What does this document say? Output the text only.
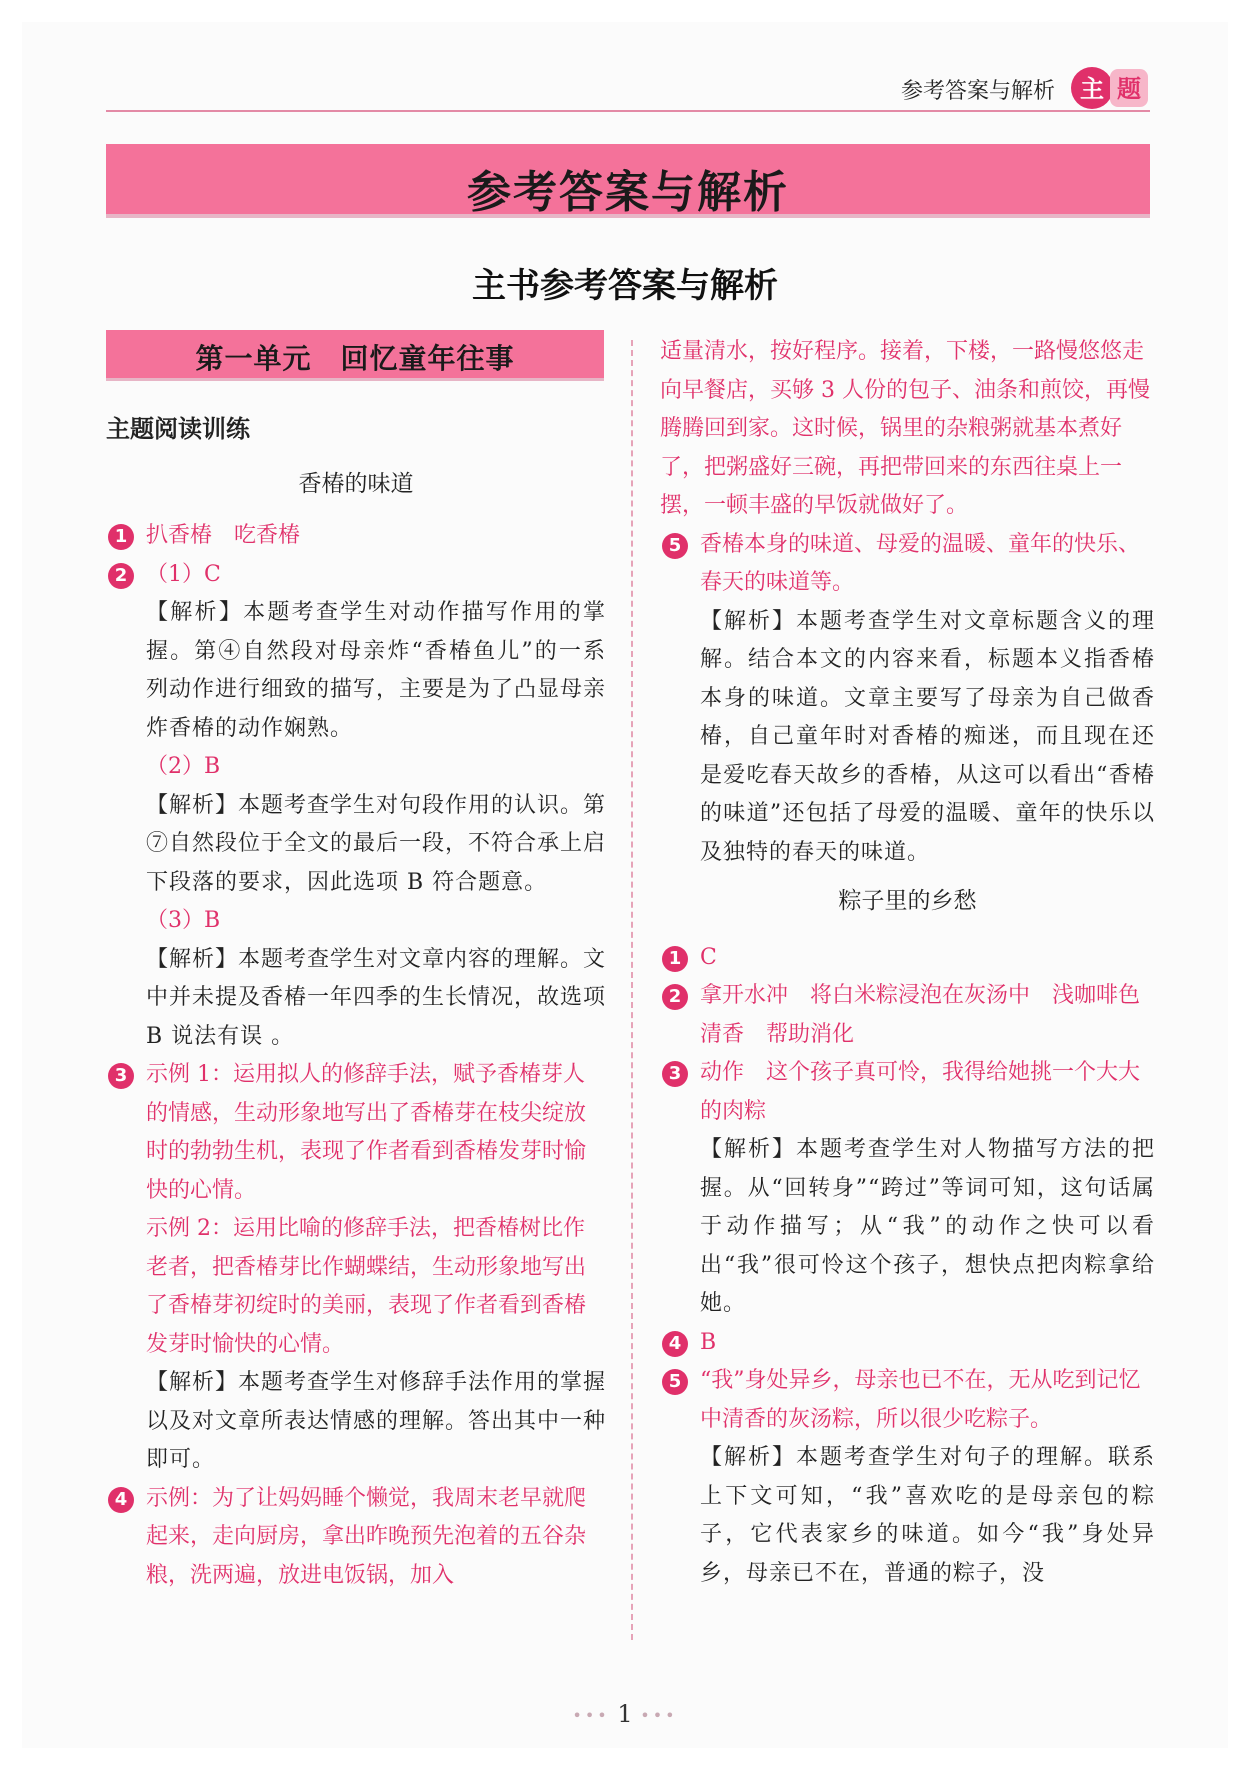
参考答案与解析 主 题
参考答案与解析
主书参考答案与解析
第一单元　回忆童年往事
主题阅读训练
香椿的味道
1 扒香椿　吃香椿
2 （1）C
【解析】本题考查学生对动作描写作用的掌握。第④自然段对母亲炸“香椿鱼儿”的一系列动作进行细致的描写，主要是为了凸显母亲炸香椿的动作娴熟。
（2）B
【解析】本题考查学生对句段作用的认识。第⑦自然段位于全文的最后一段，不符合承上启下段落的要求，因此选项 B 符合题意。
（3）B
【解析】本题考查学生对文章内容的理解。文中并未提及香椿一年四季的生长情况，故选项 B 说法有误 。
3 示例 1：运用拟人的修辞手法，赋予香椿芽人的情感，生动形象地写出了香椿芽在枝尖绽放时的勃勃生机，表现了作者看到香椿发芽时愉快的心情。
示例 2：运用比喻的修辞手法，把香椿树比作老者，把香椿芽比作蝴蝶结，生动形象地写出了香椿芽初绽时的美丽，表现了作者看到香椿发芽时愉快的心情。
【解析】本题考查学生对修辞手法作用的掌握以及对文章所表达情感的理解。答出其中一种即可。
4 示例：为了让妈妈睡个懒觉，我周末老早就爬起来，走向厨房，拿出昨晚预先泡着的五谷杂粮，洗两遍，放进电饭锅，加入
适量清水，按好程序。接着，下楼，一路慢悠悠走向早餐店，买够 3 人份的包子、油条和煎饺，再慢腾腾回到家。这时候，锅里的杂粮粥就基本煮好了，把粥盛好三碗，再把带回来的东西往桌上一摆，一顿丰盛的早饭就做好了。
5 香椿本身的味道、母爱的温暖、童年的快乐、春天的味道等。
【解析】本题考查学生对文章标题含义的理解。结合本文的内容来看，标题本义指香椿本身的味道。文章主要写了母亲为自己做香椿，自己童年时对香椿的痴迷，而且现在还是爱吃春天故乡的香椿，从这可以看出“香椿的味道”还包括了母爱的温暖、童年的快乐以及独特的春天的味道。
粽子里的乡愁
1 C
2 拿开水冲　将白米粽浸泡在灰汤中　浅咖啡色　清香　帮助消化
3 动作　这个孩子真可怜，我得给她挑一个大大的肉粽
【解析】本题考查学生对人物描写方法的把握。从“回转身”“跨过”等词可知，这句话属于动作描写；从“我”的动作之快可以看出“我”很可怜这个孩子，想快点把肉粽拿给她。
4 B
5 “我”身处异乡，母亲也已不在，无从吃到记忆中清香的灰汤粽，所以很少吃粽子。
【解析】本题考查学生对句子的理解。联系上下文可知，“我”喜欢吃的是母亲包的粽子，它代表家乡的味道。如今“我”身处异乡，母亲已不在，普通的粽子，没
••• 1 •••
